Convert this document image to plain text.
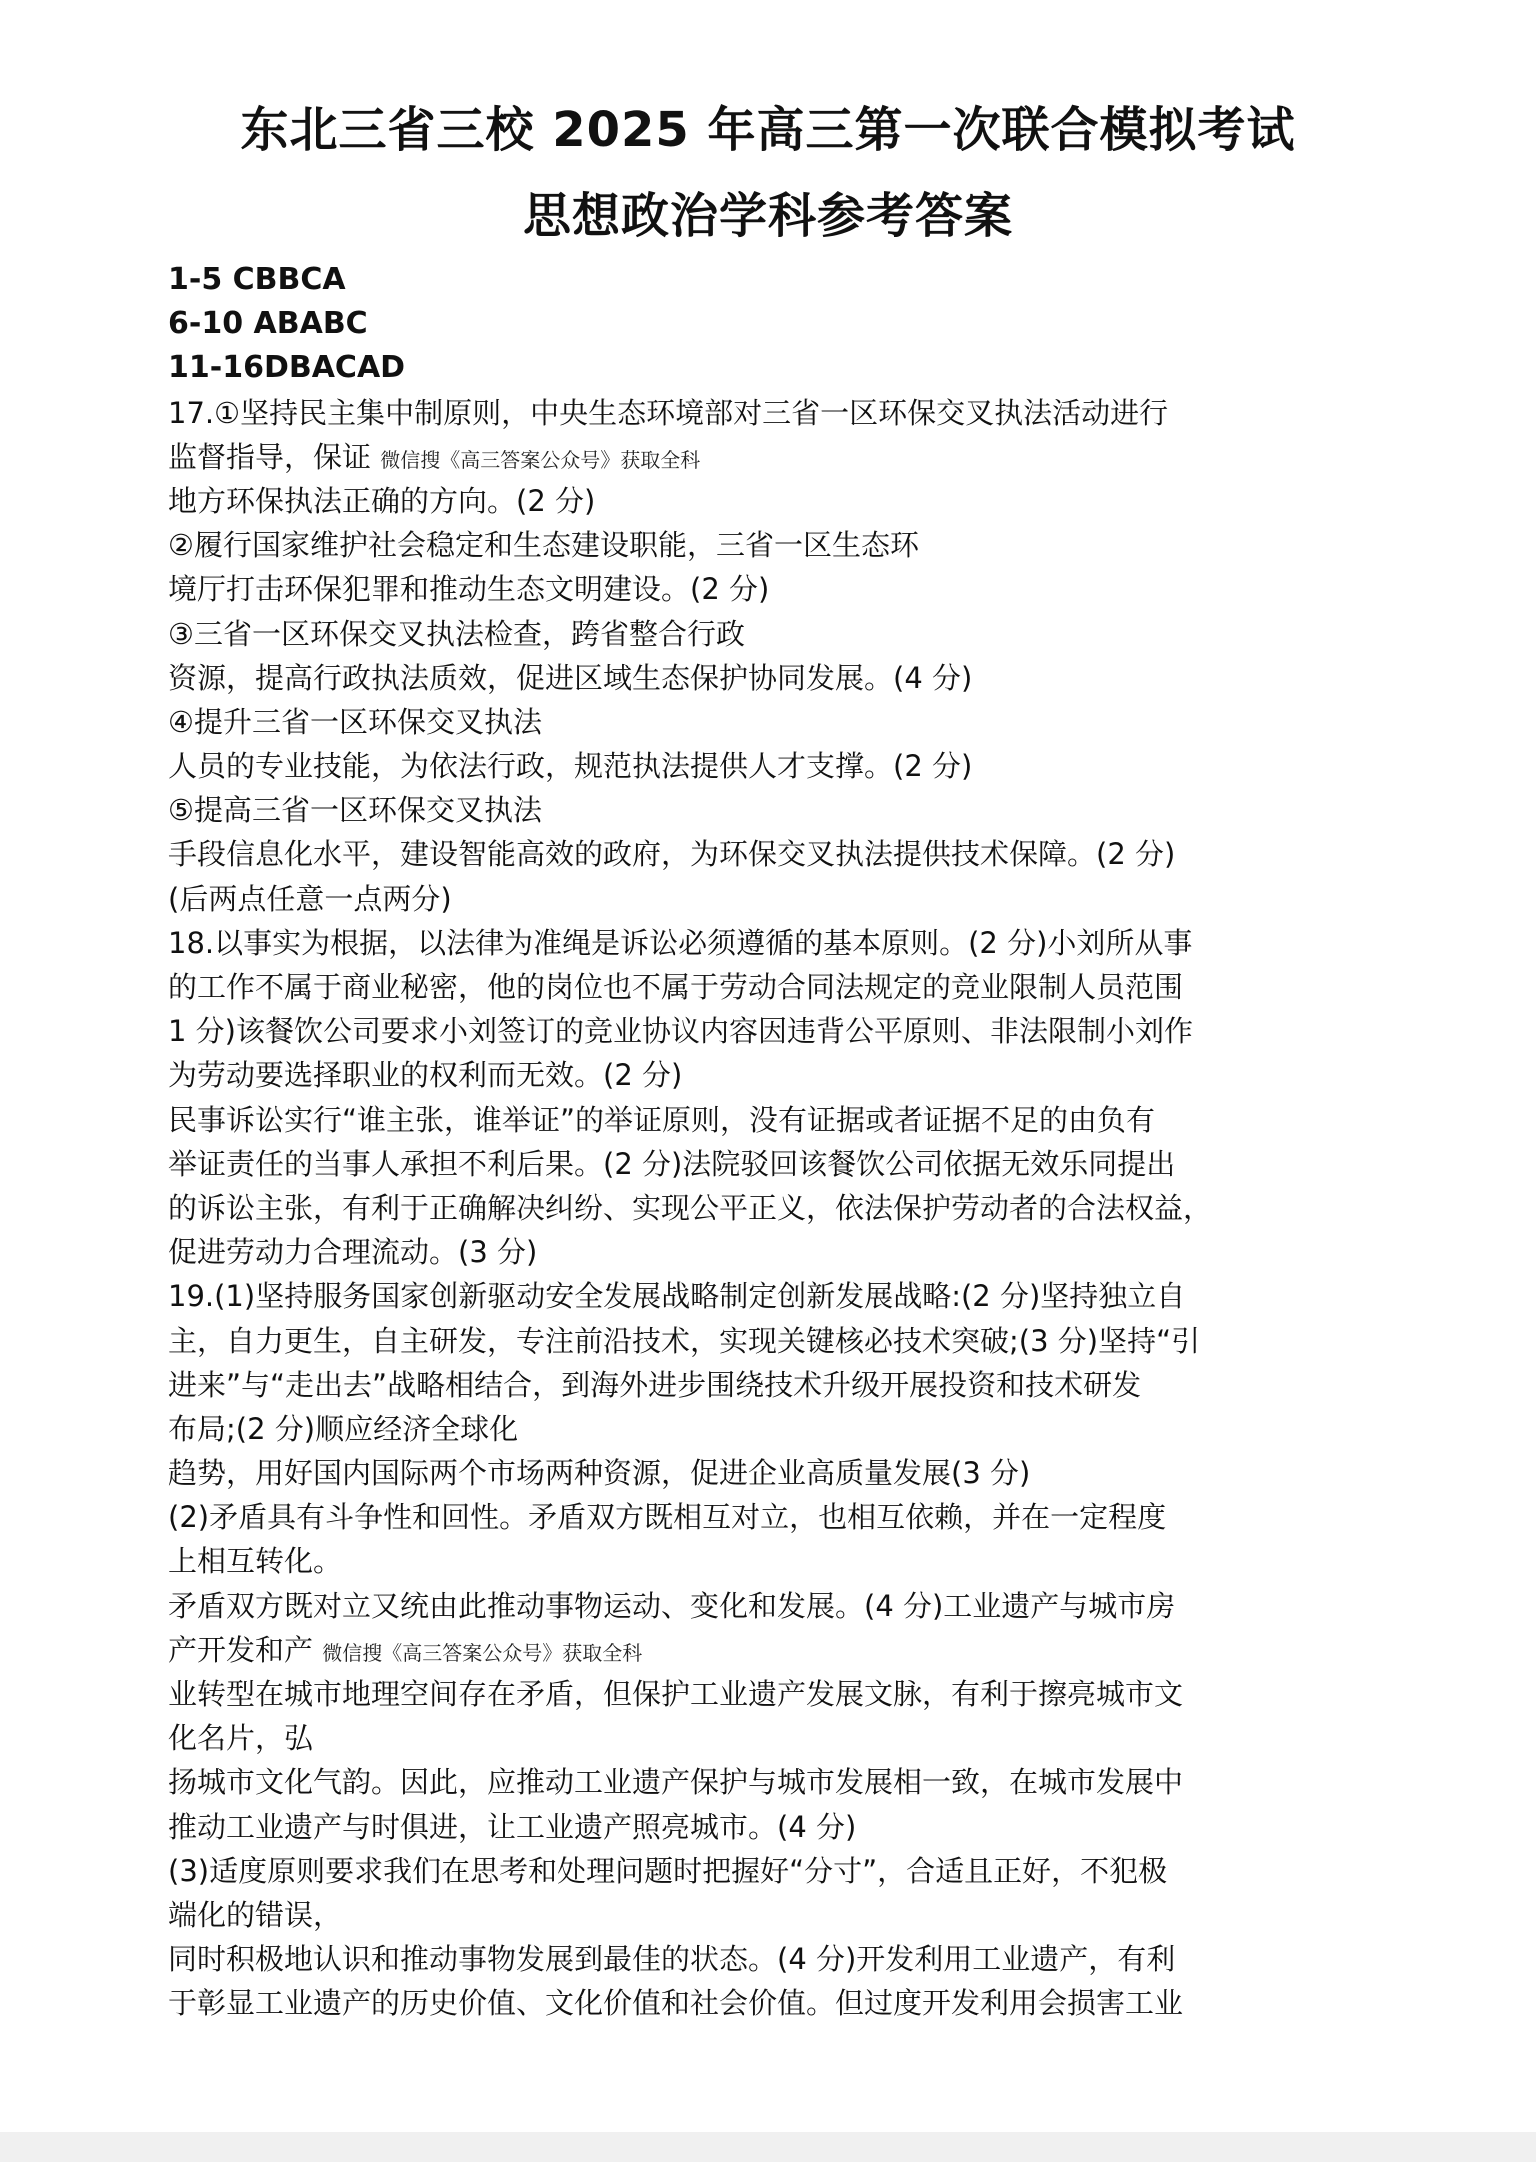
东北三省三校 2025 年高三第一次联合模拟考试
思想政治学科参考答案
1-5 CBBCA
6-10 ABABC
11-16DBACAD
17.①坚持民主集中制原则，中央生态环境部对三省一区环保交叉执法活动进行
监督指导，保证 微信搜《高三答案公众号》获取全科
地方环保执法正确的方向。(2 分)
②履行国家维护社会稳定和生态建设职能，三省一区生态环
境厅打击环保犯罪和推动生态文明建设。(2 分)
③三省一区环保交叉执法检查，跨省整合行政
资源，提高行政执法质效，促进区域生态保护协同发展。(4 分)
④提升三省一区环保交叉执法
人员的专业技能，为依法行政，规范执法提供人才支撑。(2 分)
⑤提高三省一区环保交叉执法
手段信息化水平，建设智能高效的政府，为环保交叉执法提供技术保障。(2 分)
(后两点任意一点两分)
18.以事实为根据，以法律为准绳是诉讼必须遵循的基本原则。(2 分)小刘所从事
的工作不属于商业秘密，他的岗位也不属于劳动合同法规定的竞业限制人员范围
1 分)该餐饮公司要求小刘签订的竞业协议内容因违背公平原则、非法限制小刘作
为劳动要选择职业的权利而无效。(2 分)
民事诉讼实行“谁主张，谁举证”的举证原则，没有证据或者证据不足的由负有
举证责任的当事人承担不利后果。(2 分)法院驳回该餐饮公司依据无效乐同提出
的诉讼主张，有利于正确解决纠纷、实现公平正义，依法保护劳动者的合法权益，
促进劳动力合理流动。(3 分)
19.(1)坚持服务国家创新驱动安全发展战略制定创新发展战略:(2 分)坚持独立自
主，自力更生，自主研发，专注前沿技术，实现关键核必技术突破;(3 分)坚持“引
进来”与“走出去”战略相结合，到海外进步围绕技术升级开展投资和技术研发
布局;(2 分)顺应经济全球化
趋势，用好国内国际两个市场两种资源，促进企业高质量发展(3 分)
(2)矛盾具有斗争性和回性。矛盾双方既相互对立，也相互依赖，并在一定程度
上相互转化。
矛盾双方既对立又统由此推动事物运动、变化和发展。(4 分)工业遗产与城市房
产开发和产 微信搜《高三答案公众号》获取全科
业转型在城市地理空间存在矛盾，但保护工业遗产发展文脉，有利于擦亮城市文
化名片，弘
扬城市文化气韵。因此，应推动工业遗产保护与城市发展相一致，在城市发展中
推动工业遗产与时俱进，让工业遗产照亮城市。(4 分)
(3)适度原则要求我们在思考和处理问题时把握好“分寸”，合适且正好，不犯极
端化的错误，
同时积极地认识和推动事物发展到最佳的状态。(4 分)开发利用工业遗产，有利
于彰显工业遗产的历史价值、文化价值和社会价值。但过度开发利用会损害工业
